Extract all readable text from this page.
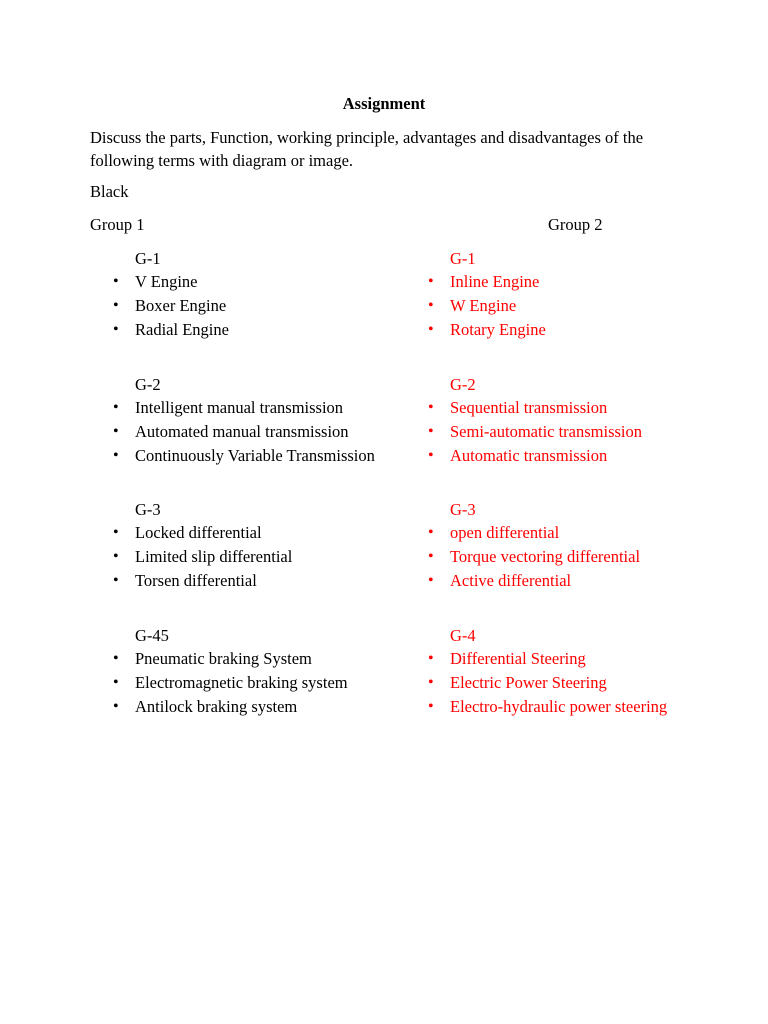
Assignment

Discuss the parts, Function, working principle, advantages and disadvantages of the following terms with diagram or image.

Black
Group 1	Group 2
G-1
• V Engine
• Boxer Engine
• Radial Engine
G-2
• Intelligent manual transmission
• Automated manual transmission
• Continuously Variable Transmission
G-3
• Locked differential
• Limited slip differential
• Torsen differential
G-45
• Pneumatic braking System
• Electromagnetic braking system
• Antilock braking system
G-1
• Inline Engine
• W Engine
• Rotary Engine
G-2
• Sequential transmission
• Semi-automatic transmission
• Automatic transmission
G-3
• open differential
• Torque vectoring differential
• Active differential
G-4
• Differential Steering
• Electric Power Steering
• Electro-hydraulic power steering
